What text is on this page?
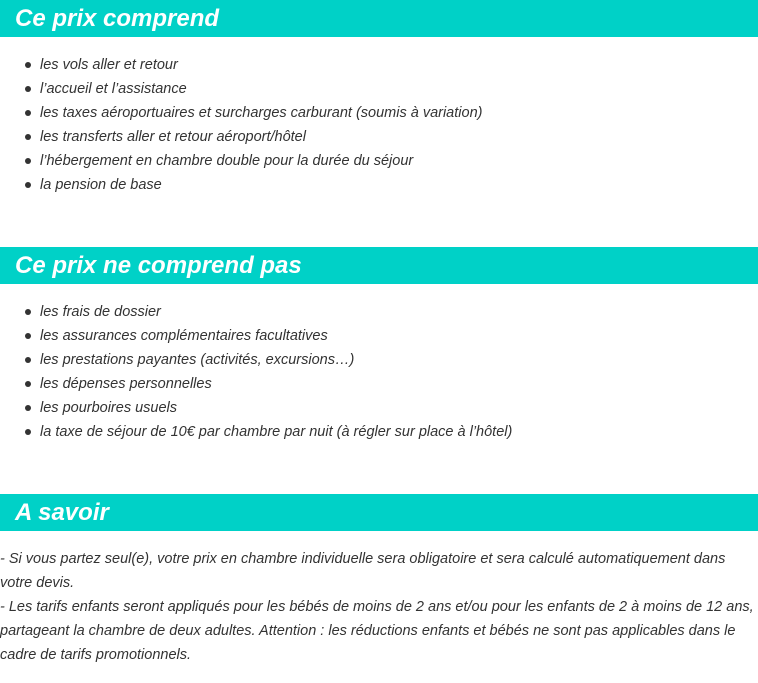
Ce prix comprend
les vols aller et retour
l’accueil et l’assistance
les taxes aéroportuaires et surcharges carburant (soumis à variation)
les transferts aller et retour aéroport/hôtel
l’hébergement en chambre double pour la durée du séjour
la pension de base
Ce prix ne comprend pas
les frais de dossier
les assurances complémentaires facultatives
les prestations payantes (activités, excursions…)
les dépenses personnelles
les pourboires usuels
la taxe de séjour de 10€ par chambre par nuit (à régler sur place à l’hôtel)
A savoir

- Si vous partez seul(e), votre prix en chambre individuelle sera obligatoire et sera calculé automatiquement dans votre devis.

- Les tarifs enfants seront appliqués pour les bébés de moins de 2 ans et/ou pour les enfants de 2 à moins de 12 ans, partageant la chambre de deux adultes. Attention : les réductions enfants et bébés ne sont pas applicables dans le cadre de tarifs promotionnels.
